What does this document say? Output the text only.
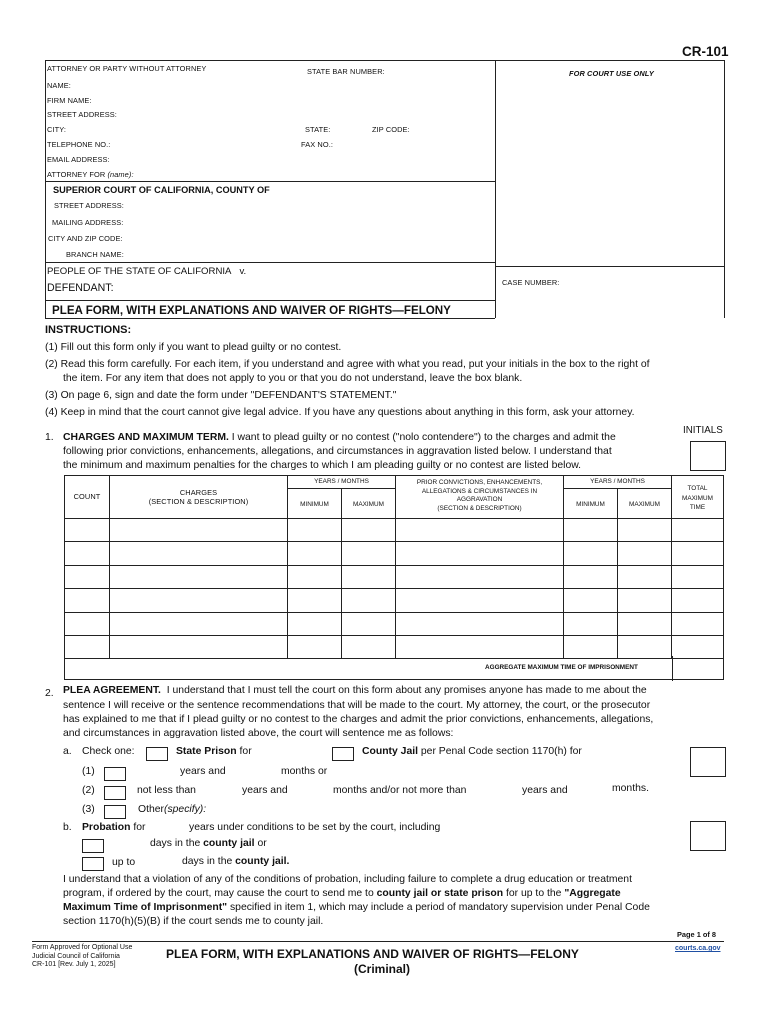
CR-101
ATTORNEY OR PARTY WITHOUT ATTORNEY	STATE BAR NUMBER:	FOR COURT USE ONLY
NAME:
FIRM NAME:
STREET ADDRESS:
CITY:	STATE:	ZIP CODE:
TELEPHONE NO.:	FAX NO.:
EMAIL ADDRESS:
ATTORNEY FOR (name):
SUPERIOR COURT OF CALIFORNIA, COUNTY OF
STREET ADDRESS:
MAILING ADDRESS:
CITY AND ZIP CODE:
BRANCH NAME:
PEOPLE OF THE STATE OF CALIFORNIA v.
DEFENDANT:	CASE NUMBER:
PLEA FORM, WITH EXPLANATIONS AND WAIVER OF RIGHTS—FELONY
INSTRUCTIONS:
(1) Fill out this form only if you want to plead guilty or no contest.
(2) Read this form carefully. For each item, if you understand and agree with what you read, put your initials in the box to the right of
the item. For any item that does not apply to you or that you do not understand, leave the box blank.
(3) On page 6, sign and date the form under "DEFENDANT'S STATEMENT."
(4) Keep in mind that the court cannot give legal advice. If you have any questions about anything in this form, ask your attorney.
INITIALS
1. CHARGES AND MAXIMUM TERM. I want to plead guilty or no contest ("nolo contendere") to the charges and admit the
following prior convictions, enhancements, allegations, and circumstances in aggravation listed below. I understand that
the minimum and maximum penalties for the charges to which I am pleading guilty or no contest are listed below.
COUNT	CHARGES
(SECTION & DESCRIPTION)
YEARS / MONTHS
MINIMUM	MAXIMUM
PRIOR CONVICTIONS, ENHANCEMENTS,
ALLEGATIONS & CIRCUMSTANCES IN
AGGRAVATION
(SECTION & DESCRIPTION)
YEARS / MONTHS
MINIMUM	MAXIMUM
TOTAL
MAXIMUM
TIME
AGGREGATE MAXIMUM TIME OF IMPRISONMENT
2. PLEA AGREEMENT. I understand that I must tell the court on this form about any promises anyone has made to me about the
sentence I will receive or the sentence recommendations that will be made to the court. My attorney, the court, or the prosecutor
has explained to me that if I plead guilty or no contest to the charges and admit the prior convictions, enhancements, allegations,
and circumstances in aggravation listed above, the court will sentence me as follows:
a. Check one:	State Prison for	County Jail per Penal Code section 1170(h) for
(1)	years and	months or
(2)	not less than	years and	months and/or not more than	years and	months.
(3)	Other(specify):
b. Probation for	years under conditions to be set by the court, including
days in the county jail or
up to	days in the county jail.
I understand that a violation of any of the conditions of probation, including failure to complete a drug education or treatment
program, if ordered by the court, may cause the court to send me to county jail or state prison for up to the "Aggregate
Maximum Time of Imprisonment" specified in item 1, which may include a period of mandatory supervision under Penal Code
section 1170(h)(5)(B) if the court sends me to county jail.
Page 1 of 8
Form Approved for Optional Use
Judicial Council of California
CR-101 [Rev. July 1, 2025]
PLEA FORM, WITH EXPLANATIONS AND WAIVER OF RIGHTS—FELONY
(Criminal)
courts.ca.gov
